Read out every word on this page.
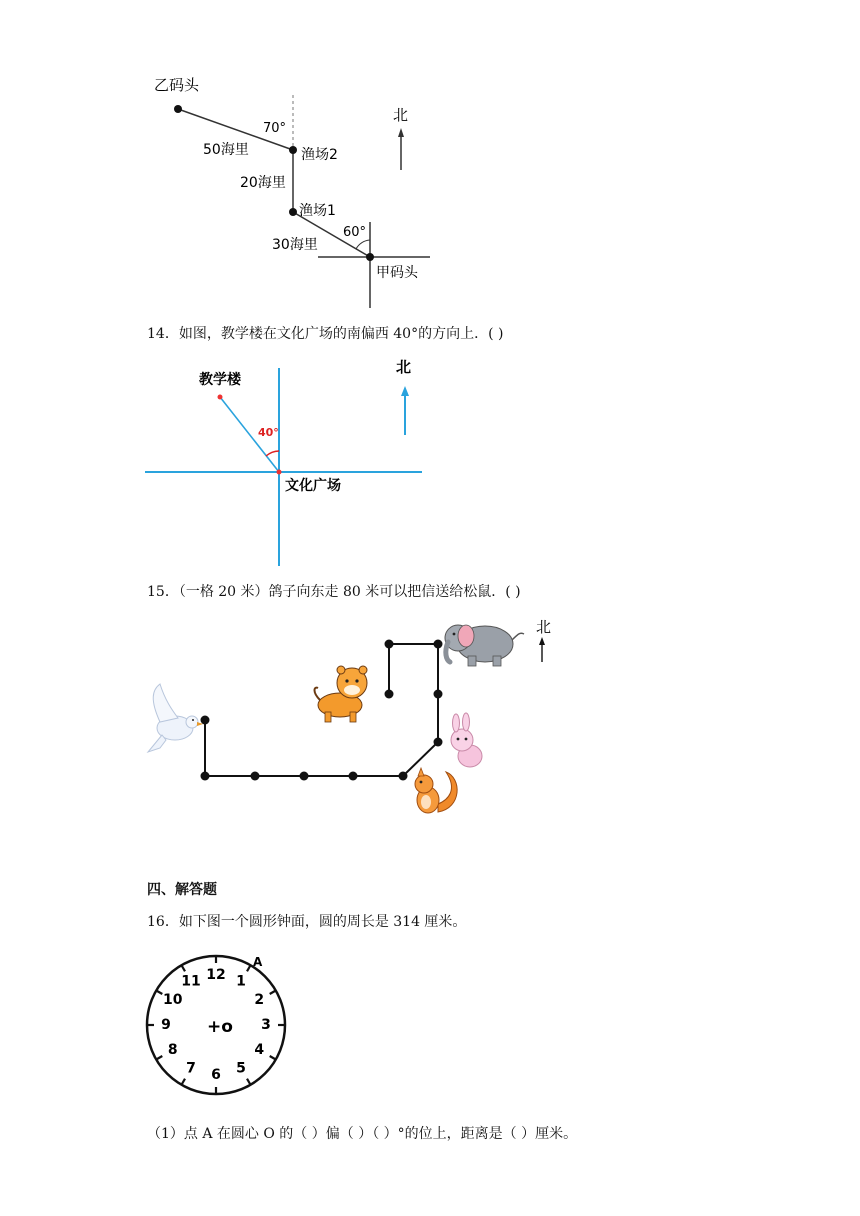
乙码头
70°
50海里	渔场2
20海里
渔场1
60°
30海里
甲码头
北
14．如图，教学楼在文化广场的南偏西 40°的方向上．( )
教学楼
40°
文化广场
北
15．（一格 20 米）鸽子向东走 80 米可以把信送给松鼠．( )
北
四、解答题
16．如下图一个圆形钟面，圆的周长是 314 厘米。
12 1
2
3
4
5
6
7
8
9
10
11
A
+o
（1）点 A 在圆心 O 的（ ）偏（ ）（ ）°的位上，距离是（ ）厘米。
